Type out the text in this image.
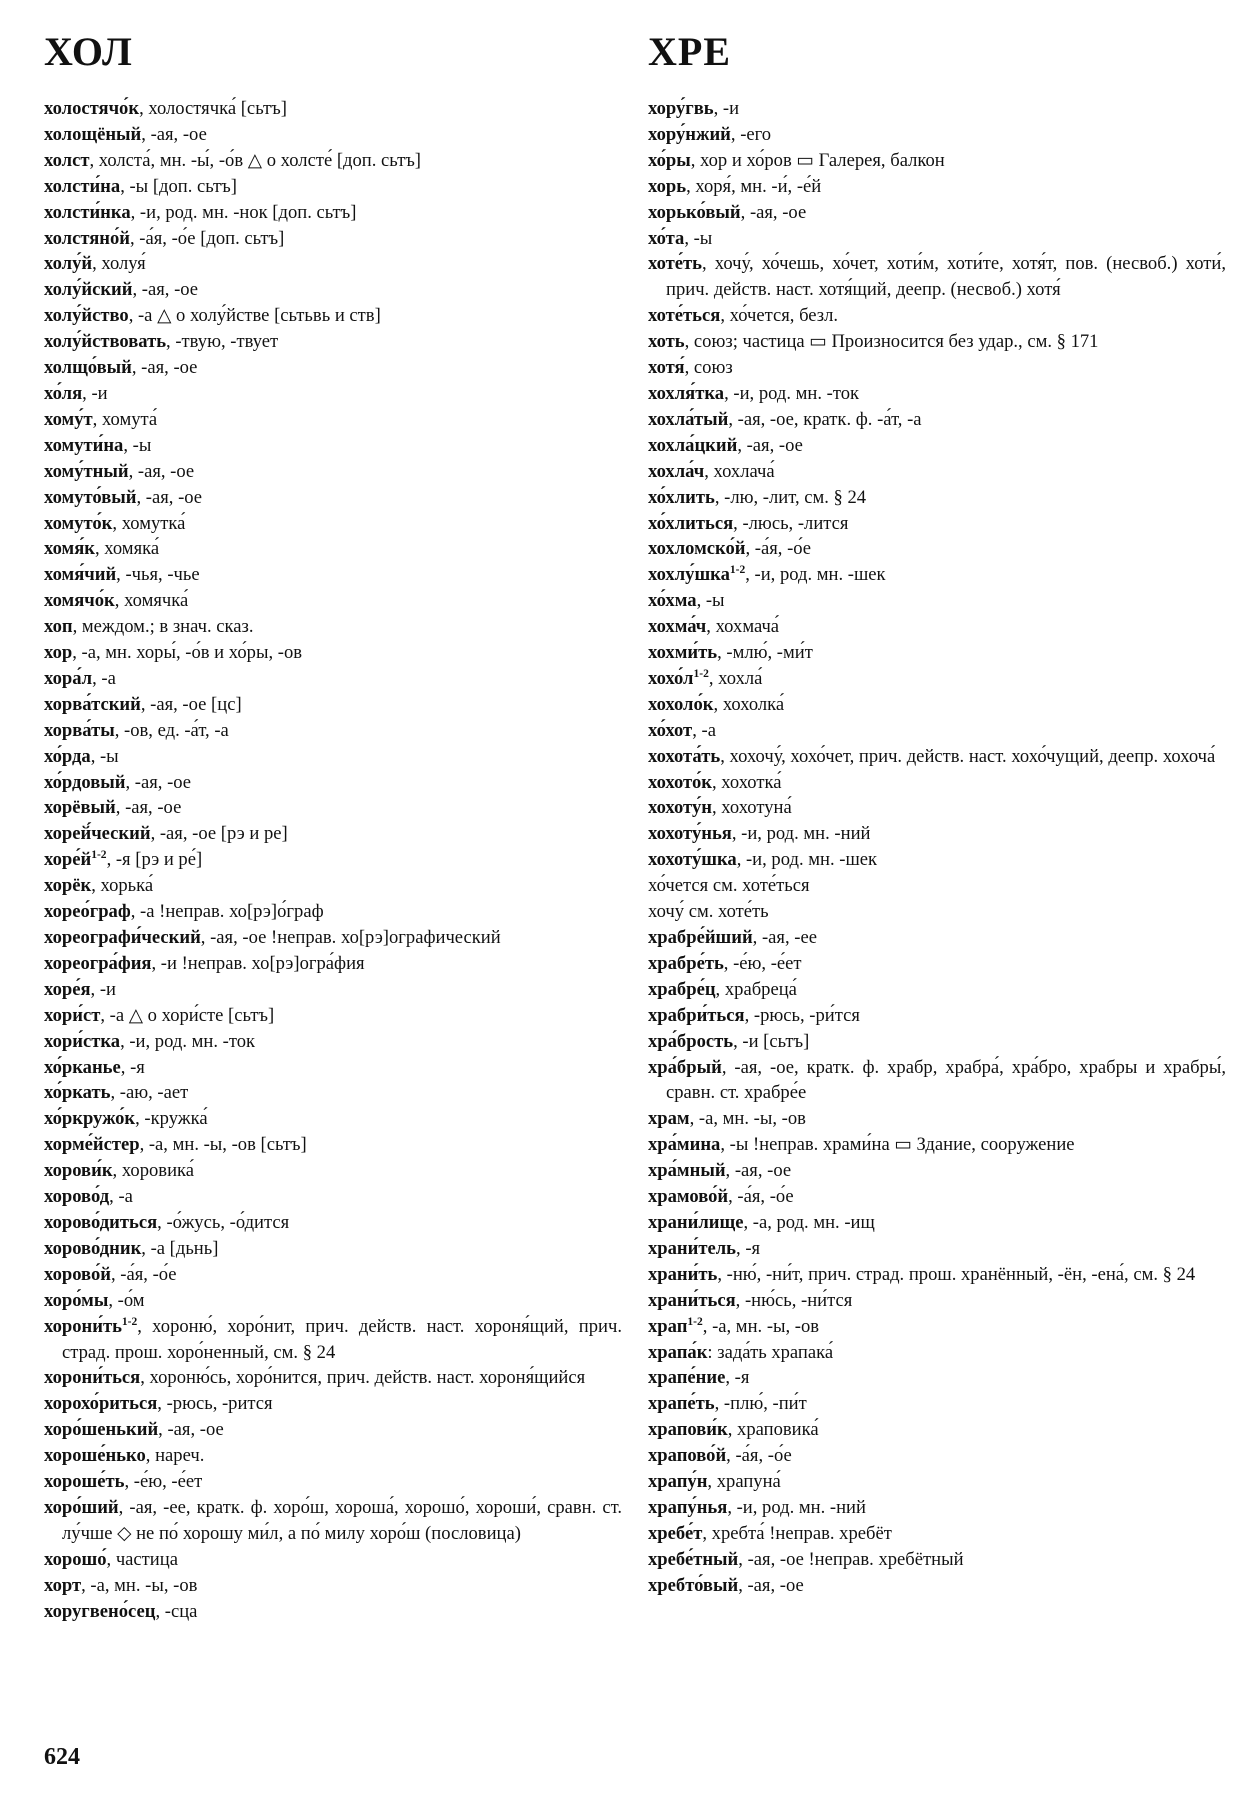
ХОЛ	ХРЕ
холостячо́к, холостячка́ [сьтъ]
холощёный, -ая, -ое
холст, холста́, мн. -ы́, -о́в △ о холсте́ [доп. сьтъ]
холсти́на, -ы [доп. сьтъ]
холсти́нка, -и, род. мн. -нок [доп. сьтъ]
холстяно́й, -а́я, -о́е [доп. сьтъ]
холу́й, холуя́
холу́йский, -ая, -ое
холу́йство, -а △ о холу́йстве [сьтьвь и ств]
холу́йствовать, -твую, -твует
холщо́вый, -ая, -ое
хо́ля, -и
хому́т, хомута́
хомути́на, -ы
хому́тный, -ая, -ое
хомуто́вый, -ая, -ое
хомуто́к, хомутка́
хомя́к, хомяка́
хомя́чий, -чья, -чье
хомячо́к, хомячка́
хоп, междом.; в знач. сказ.
хор, -а, мн. хоры́, -о́в и хо́ры, -ов
хора́л, -а
хорва́тский, -ая, -ое [цс]
хорва́ты, -ов, ед. -а́т, -а
хо́рда, -ы
хо́рдовый, -ая, -ое
хорёвый, -ая, -ое
хорей́ческий, -ая, -ое [рэ и ре]
$хоре́й^{1-2}$, -я [рэ и ре́]
хорёк, хорька́
хорео́граф, -а !неправ. хо[рэ]о́граф
хореографи́ческий, -ая, -ое !неправ. хо[рэ]ографический
хореогра́фия, -и !неправ. хо[рэ]огра́фия
хоре́я, -и
хори́ст, -а △ о хори́сте [сьтъ]
хори́стка, -и, род. мн. -ток
хо́рканье, -я
хо́ркать, -аю, -ает
хо́ркружо́к, -кружка́
хорме́йстер, -а, мн. -ы, -ов [сьтъ]
хорови́к, хоровика́
хорово́д, -а
хорово́диться, -о́жусь, -о́дится
хорово́дник, -а [дьнь]
хорово́й, -а́я, -о́е
хоро́мы, -о́м
$хорони́ть^{1-2}$, хороню́, хоро́нит, прич. действ. наст. хороня́щий, прич. страд. прош. хоро́ненный, см. § 24
хорони́ться, хороню́сь, хоро́нится, прич. действ. наст. хороня́щийся
хорохо́риться, -рюсь, -рится
хоро́шенький, -ая, -ое
хороше́нько, нареч.
хороше́ть, -е́ю, -е́ет
хоро́ший, -ая, -ее, кратк. ф. хоро́ш, хороша́, хорошо́, хороши́, сравн. ст. лу́чше ◇ не по́ хорошу ми́л, а по́ милу хоро́ш (пословица)
хорошо́, частица
хорт, -а, мн. -ы, -ов
хоругвено́сец, -сца
хору́гвь, -и
хору́нжий, -его
хо́ры, хор и хо́ров ▭ Галерея, балкон
хорь, хоря́, мн. -и́, -е́й
хорько́вый, -ая, -ое
хо́та, -ы
хоте́ть, хочу́, хо́чешь, хо́чет, хоти́м, хоти́те, хотя́т, пов. (несвоб.) хоти́, прич. действ. наст. хотя́щий, деепр. (несвоб.) хотя́
хоте́ться, хо́чется, безл.
хоть, союз; частица ▭ Произносится без удар., см. § 171
хотя́, союз
хохля́тка, -и, род. мн. -ток
хохла́тый, -ая, -ое, кратк. ф. -а́т, -а
хохла́цкий, -ая, -ое
хохла́ч, хохлача́
хо́хлить, -лю, -лит, см. § 24
хо́хлиться, -люсь, -лится
хохломско́й, -а́я, -о́е
хохлу́шка$^{1-2}$, -и, род. мн. -шек
хо́хма, -ы
хохма́ч, хохмача́
хохми́ть, -млю́, -ми́т
$хохо́л^{1-2}$, хохла́
хохоло́к, хохолка́
хо́хот, -а
хохота́ть, хохочу́, хохо́чет, прич. действ. наст. хохо́чущий, деепр. хохоча́
хохото́к, хохотка́
хохоту́н, хохотуна́
хохоту́нья, -и, род. мн. -ний
хохоту́шка, -и, род. мн. -шек
хо́чется см. хоте́ться
хочу́ см. хоте́ть
храбре́йший, -ая, -ее
храбре́ть, -е́ю, -е́ет
храбре́ц, храбреца́
храбри́ться, -рюсь, -ри́тся
хра́брость, -и [сьтъ]
хра́брый, -ая, -ое, кратк. ф. храбр, храбра́, хра́бро, храбры и храбры́, сравн. ст. храбре́е
храм, -а, мн. -ы, -ов
хра́мина, -ы !неправ. храми́на ▭ Здание, сооружение
хра́мный, -ая, -ое
храмово́й, -а́я, -о́е
храни́лище, -а, род. мн. -ищ
храни́тель, -я
храни́ть, -ню́, -ни́т, прич. страд. прош. хранённый, -ён, -ена́, см. § 24
храни́ться, -ню́сь, -ни́тся
храп$^{1-2}$, -а, мн. -ы, -ов
храпа́к: зада́ть храпака́
храпе́ние, -я
храпе́ть, -плю́, -пи́т
храпови́к, храповика́
храпово́й, -а́я, -о́е
храпу́н, храпуна́
храпу́нья, -и, род. мн. -ний
хребе́т, хребта́ !неправ. хребёт
хребе́тный, -ая, -ое !неправ. хребётный
хребто́вый, -ая, -ое
624
